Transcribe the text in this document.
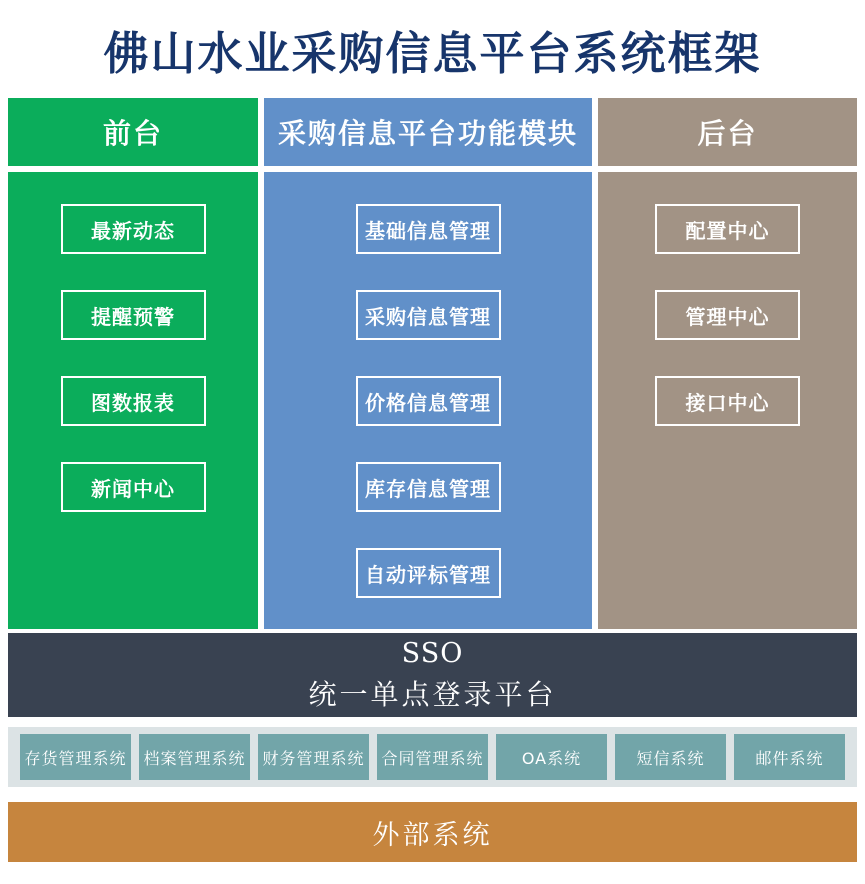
佛山水业采购信息平台系统框架
前台
最新动态
提醒预警
图数报表
新闻中心
采购信息平台功能模块
基础信息管理
采购信息管理
价格信息管理
库存信息管理
自动评标管理
后台
配置中心
管理中心
接口中心
SSO
统一单点登录平台
存货管理系统 档案管理系统 财务管理系统 合同管理系统	OA系统	短信系统	邮件系统
外部系统
